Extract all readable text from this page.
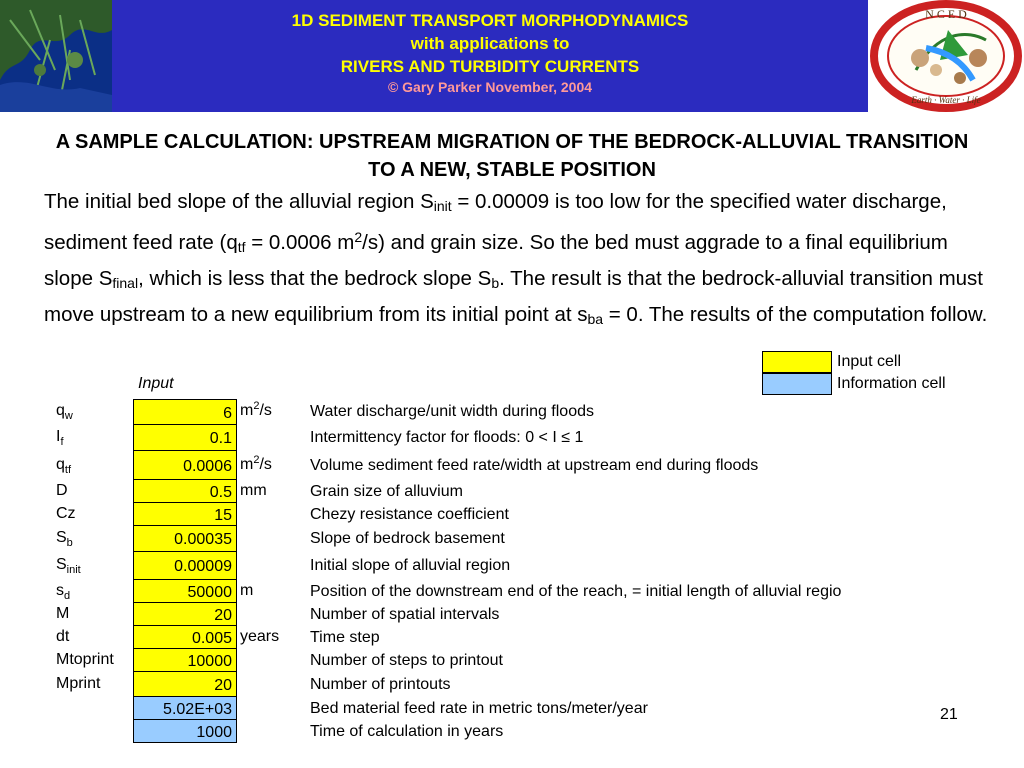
1D SEDIMENT TRANSPORT MORPHODYNAMICS
with applications to
RIVERS AND TURBIDITY CURRENTS
© Gary Parker November, 2004
N C E D
Earth · Water · Life
A SAMPLE CALCULATION: UPSTREAM MIGRATION OF THE BEDROCK-ALLUVIAL TRANSITION TO A NEW, STABLE POSITION
The initial bed slope of the alluvial region $S_{init} = 0.00009$ is too low for the specified water discharge, sediment feed rate ($q_{tf} = 0.0006$ $m^2/s$) and grain size. So the bed must aggrade to a final equilibrium slope $S_{final}$, which is less that the bedrock slope $S_b$. The result is that the bedrock-alluvial transition must move upstream to a new equilibrium from its initial point at $s_{ba} = 0$. The results of the computation follow.
Input cell
Information cell
Input
$q_w$	6 $m^2/s$ Water discharge/unit width during floods
$I_f$	0.1	Intermittency factor for floods: 0 < I ≤ 1
$q_{tf}$	0.0006 $m^2/s$ Volume sediment feed rate/width at upstream end during floods
D	0.5 mm	Grain size of alluvium
Cz	15	Chezy resistance coefficient
$S_b$	0.00035	Slope of bedrock basement
$S_{init}$	0.00009	Initial slope of alluvial region
$s_d$	50000 m	Position of the downstream end of the reach, = initial length of alluvial regio
M	20	Number of spatial intervals
dt	0.005 years Time step
Mtoprint	10000	Number of steps to printout
Mprint	20	Number of printouts
5.02E+03	Bed material feed rate in metric tons/meter/year
1000	Time of calculation in years
21
